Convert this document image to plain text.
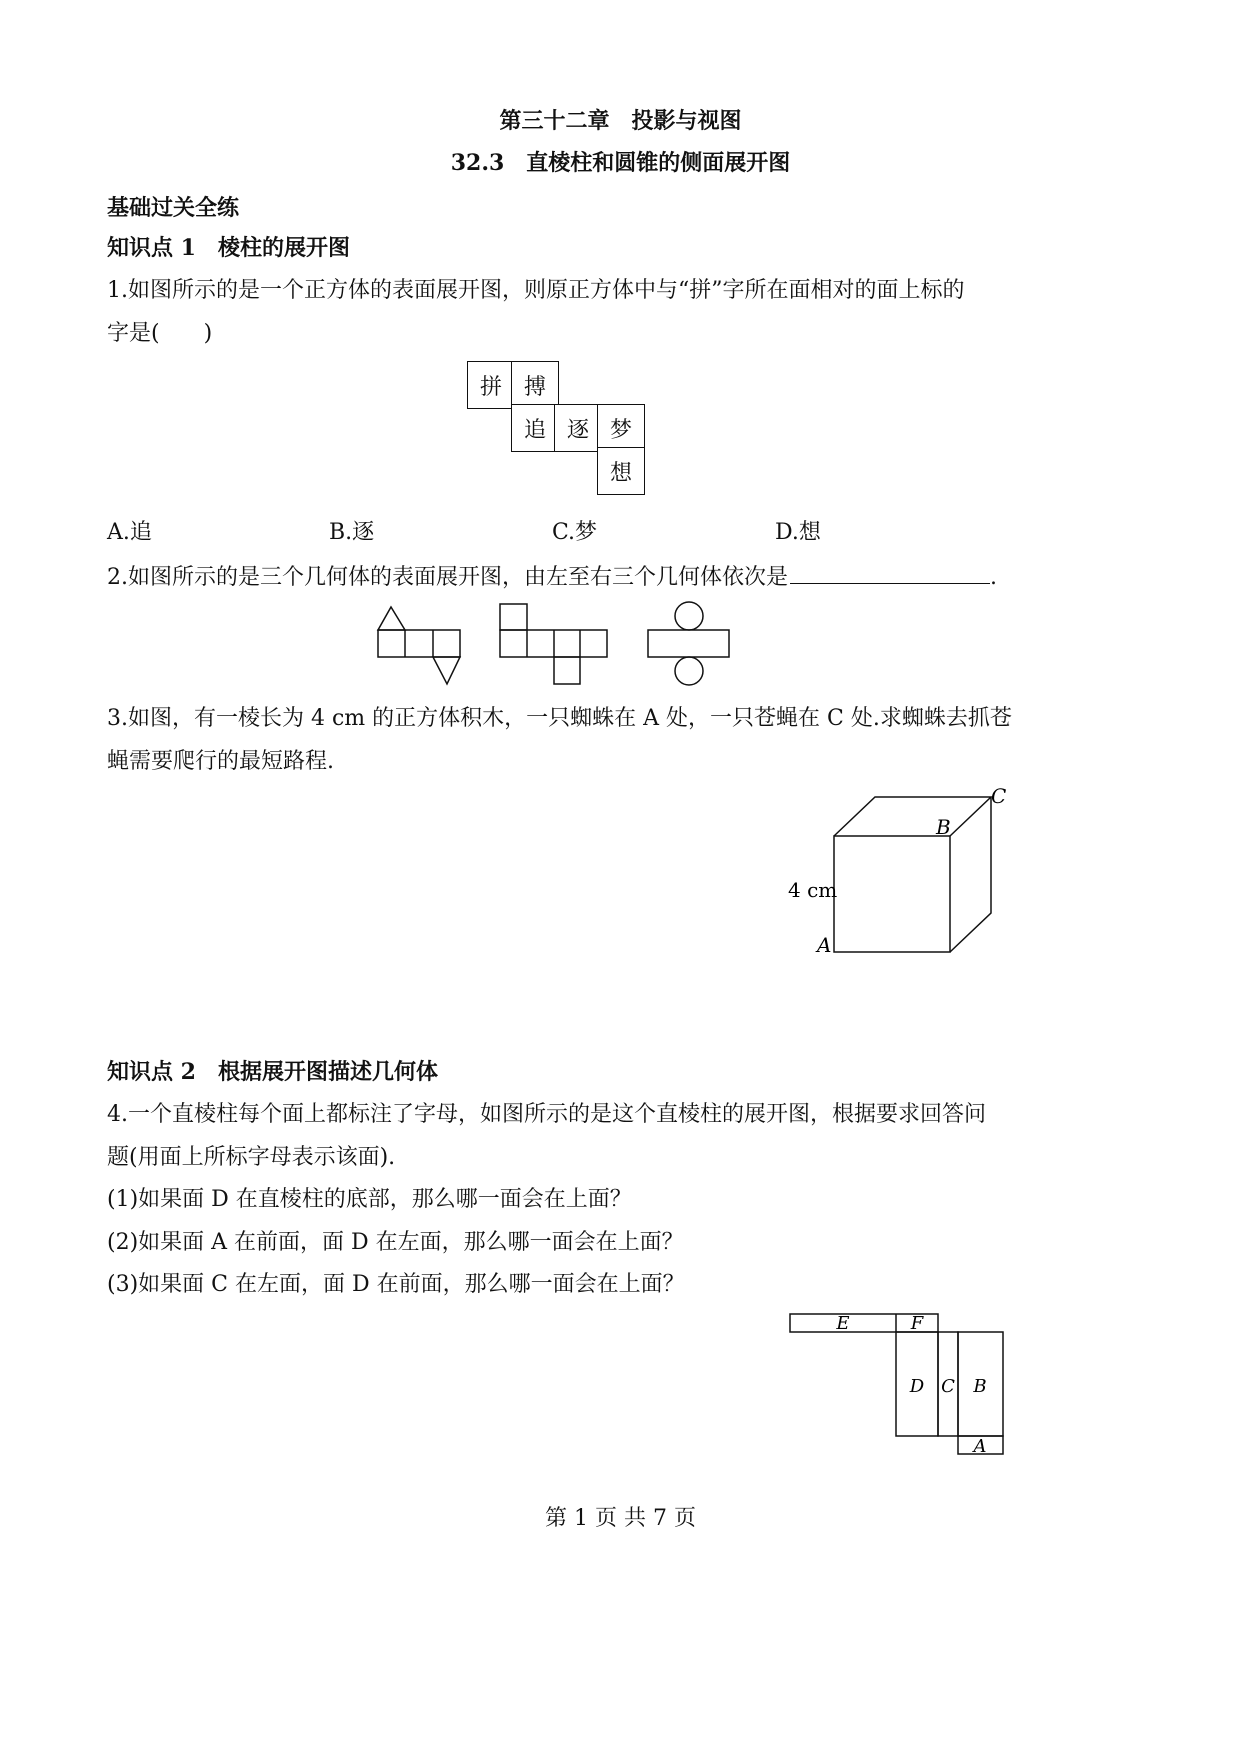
第三十二章　投影与视图
32.3　直棱柱和圆锥的侧面展开图
基础过关全练
知识点 1　棱柱的展开图
1.如图所示的是一个正方体的表面展开图，则原正方体中与“拼”字所在面相对的面上标的
字是(　　)
拼 搏
追 逐 梦
想
A.追	B.逐	C.梦	D.想
2.如图所示的是三个几何体的表面展开图，由左至右三个几何体依次是	.
3.如图，有一棱长为 4 cm 的正方体积木，一只蜘蛛在 A 处，一只苍蝇在 C 处.求蜘蛛去抓苍
蝇需要爬行的最短路程.
A
B
C
4 cm
知识点 2　根据展开图描述几何体
4.一个直棱柱每个面上都标注了字母，如图所示的是这个直棱柱的展开图，根据要求回答问
题(用面上所标字母表示该面).
(1)如果面 D 在直棱柱的底部，那么哪一面会在上面？
(2)如果面 A 在前面，面 D 在左面，那么哪一面会在上面？
(3)如果面 C 在左面，面 D 在前面，那么哪一面会在上面？
E	F
D C B
A
第 1 页 共 7 页
